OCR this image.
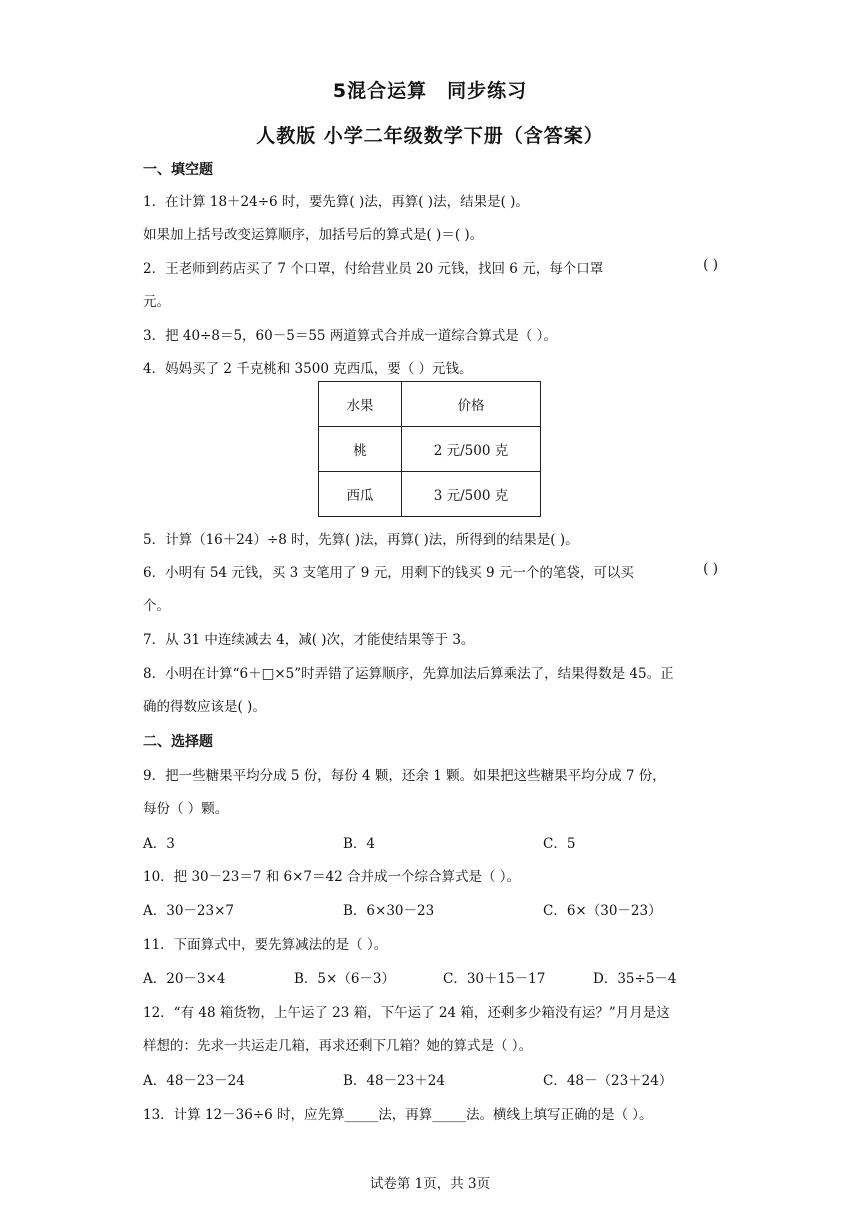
5混合运算　同步练习
人教版 小学二年级数学下册（含答案）
一、填空题
1．在计算 18＋24÷6 时，要先算( )法，再算( )法，结果是( )。
如果加上括号改变运算顺序，加括号后的算式是( )＝( )。
2．王老师到药店买了 7 个口罩，付给营业员 20 元钱，找回 6 元，每个口罩	( )
元。
3．把 40÷8＝5，60－5＝55 两道算式合并成一道综合算式是（ ）。
4．妈妈买了 2 千克桃和 3500 克西瓜，要（ ）元钱。
水果	价格
桃	2 元/500 克
西瓜	3 元/500 克
5．计算（16＋24）÷8 时，先算( )法，再算( )法，所得到的结果是( )。
6．小明有 54 元钱，买 3 支笔用了 9 元，用剩下的钱买 9 元一个的笔袋，可以买	( )
个。
7．从 31 中连续减去 4，减( )次，才能使结果等于 3。
8．小明在计算“6＋□×5”时弄错了运算顺序，先算加法后算乘法了，结果得数是 45。正
确的得数应该是( )。
二、选择题
9．把一些糖果平均分成 5 份，每份 4 颗，还余 1 颗。如果把这些糖果平均分成 7 份，
每份（ ）颗。
A．3	B．4	C．5
10．把 30－23＝7 和 6×7＝42 合并成一个综合算式是（ ）。
A．30－23×7	B．6×30－23	C．6×（30－23）
11．下面算式中，要先算减法的是（ ）。
A．20－3×4	B．5×（6－3）	C．30＋15－17	D．35÷5－4
12．“有 48 箱货物，上午运了 23 箱，下午运了 24 箱，还剩多少箱没有运？”月月是这
样想的：先求一共运走几箱，再求还剩下几箱？她的算式是（ ）。
A．48－23－24	B．48－23＋24	C．48－（23＋24）
13．计算 12－36÷6 时，应先算_____法，再算_____法。横线上填写正确的是（ ）。
试卷第 1页，共 3页
